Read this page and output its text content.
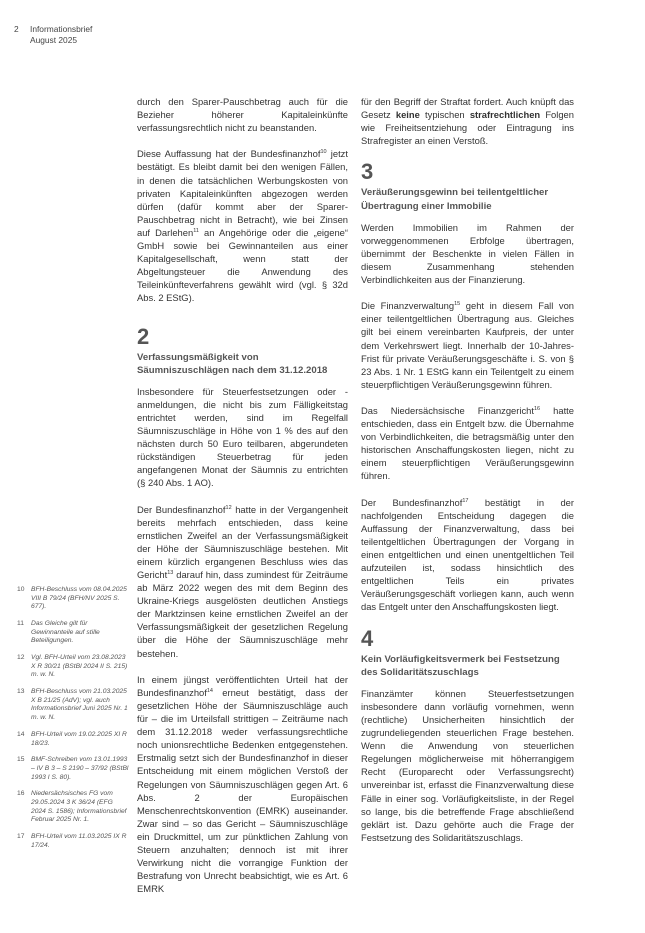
2 Informationsbrief
August 2025

durch den Sparer-Pauschbetrag auch für die Bezieher höherer Kapitaleinkünfte verfassungsrechtlich nicht zu beanstanden.

Diese Auffassung hat der Bundesfinanzhof$^{10}$ jetzt bestätigt. Es bleibt damit bei den wenigen Fällen, in denen die tatsächlichen Werbungskosten von privaten Kapitaleinkünften abgezogen werden dürfen (dafür kommt aber der Sparer-Pauschbetrag nicht in Betracht), wie bei Zinsen auf Darlehen$^{11}$ an Angehörige oder die „eigene“ GmbH sowie bei Gewinnanteilen aus einer Kapitalgesellschaft, wenn statt der Abgeltungsteuer die Anwendung des Teileinkünfteverfahrens gewählt wird (vgl. § 32d Abs. 2 EStG).

2
Verfassungsmäßigkeit von Säumniszuschlägen nach dem 31.12.2018

Insbesondere für Steuerfestsetzungen oder -anmeldungen, die nicht bis zum Fälligkeitstag entrichtet werden, sind im Regelfall Säumniszuschläge in Höhe von 1 % des auf den nächsten durch 50 Euro teilbaren, abgerundeten rückständigen Steuerbetrag für jeden angefangenen Monat der Säumnis zu entrichten (§ 240 Abs. 1 AO).

Der Bundesfinanzhof$^{12}$ hatte in der Vergangenheit bereits mehrfach entschieden, dass keine ernstlichen Zweifel an der Verfassungsmäßigkeit der Höhe der Säumniszuschläge bestehen. Mit einem kürzlich ergangenen Beschluss wies das Gericht$^{13}$ darauf hin, dass zumindest für Zeiträume ab März 2022 wegen des mit dem Beginn des Ukraine-Kriegs ausgelösten deutlichen Anstiegs der Marktzinsen keine ernstlichen Zweifel an der Verfassungsmäßigkeit der gesetzlichen Regelung über die Höhe der Säumniszuschläge mehr bestehen.

In einem jüngst veröffentlichten Urteil hat der Bundesfinanzhof$^{14}$ erneut bestätigt, dass der gesetzlichen Höhe der Säumniszuschläge auch für – die im Urteilsfall strittigen – Zeiträume nach dem 31.12.2018 weder verfassungsrechtliche noch unionsrechtliche Bedenken entgegenstehen. Erstmalig setzt sich der Bundesfinanzhof in dieser Entscheidung mit einem möglichen Verstoß der Regelungen von Säumniszuschlägen gegen Art. 6 Abs. 2 der Europäischen Menschenrechtskonvention (EMRK) auseinander. Zwar sind – so das Gericht – Säumniszuschläge ein Druckmittel, um zur pünktlichen Zahlung von Steuern anzuhalten; dennoch ist mit ihrer Verwirkung nicht die vorrangige Funktion der Bestrafung von Unrecht beabsichtigt, wie es Art. 6 EMRK

für den Begriff der Straftat fordert. Auch knüpft das Gesetz keine typischen strafrechtlichen Folgen wie Freiheitsentziehung oder Eintragung ins Strafregister an einen Verstoß.

3
Veräußerungsgewinn bei teilentgeltlicher Übertragung einer Immobilie

Werden Immobilien im Rahmen der vorweggenommenen Erbfolge übertragen, übernimmt der Beschenkte in vielen Fällen in diesem Zusammenhang stehenden Verbindlichkeiten aus der Finanzierung.

Die Finanzverwaltung$^{15}$ geht in diesem Fall von einer teilentgeltlichen Übertragung aus. Gleiches gilt bei einem vereinbarten Kaufpreis, der unter dem Verkehrswert liegt. Innerhalb der 10-Jahres-Frist für private Veräußerungsgeschäfte i. S. von § 23 Abs. 1 Nr. 1 EStG kann ein Teilentgelt zu einem steuerpflichtigen Veräußerungsgewinn führen.

Das Niedersächsische Finanzgericht$^{16}$ hatte entschieden, dass ein Entgelt bzw. die Übernahme von Verbindlichkeiten, die betragsmäßig unter den historischen Anschaffungskosten liegen, nicht zu einem steuerpflichtigen Veräußerungsgewinn führen.

Der Bundesfinanzhof$^{17}$ bestätigt in der nachfolgenden Entscheidung dagegen die Auffassung der Finanzverwaltung, dass bei teilentgeltlichen Übertragungen der Vorgang in einen entgeltlichen und einen unentgeltlichen Teil aufzuteilen ist, sodass hinsichtlich des entgeltlichen Teils ein privates Veräußerungsgeschäft vorliegen kann, auch wenn das Entgelt unter den Anschaffungskosten liegt.

4
Kein Vorläufigkeitsvermerk bei Festsetzung des Solidaritätszuschlags

Finanzämter können Steuerfestsetzungen insbesondere dann vorläufig vornehmen, wenn (rechtliche) Unsicherheiten hinsichtlich der zugrundeliegenden steuerlichen Frage bestehen. Wenn die Anwendung von steuerlichen Regelungen möglicherweise mit höherrangigem Recht (Europarecht oder Verfassungsrecht) unvereinbar ist, erfasst die Finanzverwaltung diese Fälle in einer sog. Vorläufigkeitsliste, in der Regel so lange, bis die betreffende Frage abschließend geklärt ist. Dazu gehörte auch die Frage der Festsetzung des Solidaritätszuschlags.

10 BFH-Beschluss vom 08.04.2025 VIII B 79/24 (BFH/NV 2025 S. 677).
11 Das Gleiche gilt für Gewinnanteile auf stille Beteiligungen.
12 Vgl. BFH-Urteil vom 23.08.2023 X R 30/21 (BStBl 2024 II S. 215) m. w. N.
13 BFH-Beschluss vom 21.03.2025 X B 21/25 (AdV); vgl. auch Informationsbrief Juni 2025 Nr. 1 m. w. N.
14 BFH-Urteil vom 19.02.2025 XI R 18/23.
15 BMF-Schreiben vom 13.01.1993 – IV B 3 – S 2190 – 37/92 (BStBl 1993 I S. 80).
16 Niedersächsisches FG vom 29.05.2024 3 K 36/24 (EFG 2024 S. 1586); Informationsbrief Februar 2025 Nr. 1.
17 BFH-Urteil vom 11.03.2025 IX R 17/24.
